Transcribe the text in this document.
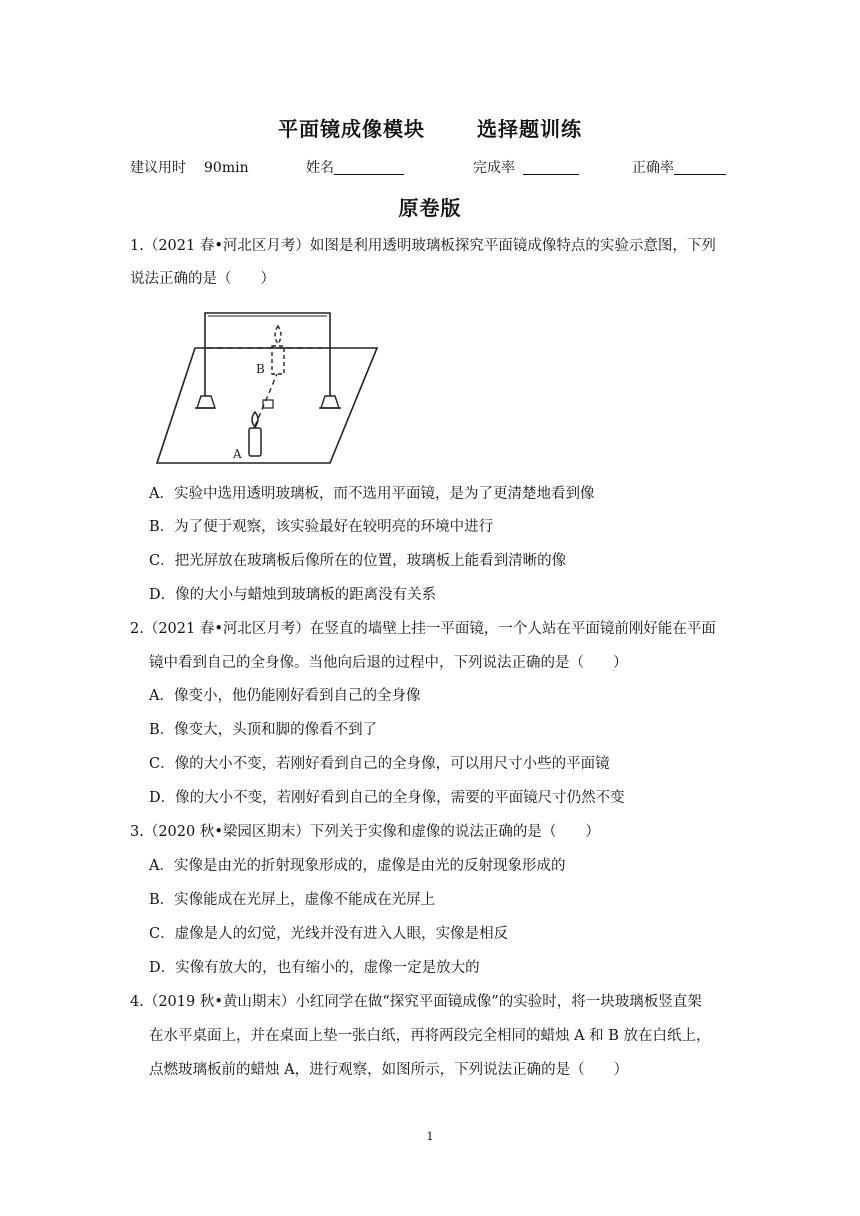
平面镜成像模块	选择题训练
建议用时 90min	姓名	完成率	正确率
原卷版
1.（2021 春•河北区月考）如图是利用透明玻璃板探究平面镜成像特点的实验示意图，下列
说法正确的是（　　）
B
A
A．实验中选用透明玻璃板，而不选用平面镜，是为了更清楚地看到像
B．为了便于观察，该实验最好在较明亮的环境中进行
C．把光屏放在玻璃板后像所在的位置，玻璃板上能看到清晰的像
D．像的大小与蜡烛到玻璃板的距离没有关系
2.（2021 春•河北区月考）在竖直的墙壁上挂一平面镜，一个人站在平面镜前刚好能在平面
镜中看到自己的全身像。当他向后退的过程中，下列说法正确的是（　　）
A．像变小，他仍能刚好看到自己的全身像
B．像变大，头顶和脚的像看不到了
C．像的大小不变，若刚好看到自己的全身像，可以用尺寸小些的平面镜
D．像的大小不变，若刚好看到自己的全身像，需要的平面镜尺寸仍然不变
3.（2020 秋•梁园区期末）下列关于实像和虚像的说法正确的是（　　）
A．实像是由光的折射现象形成的，虚像是由光的反射现象形成的
B．实像能成在光屏上，虚像不能成在光屏上
C．虚像是人的幻觉，光线并没有进入人眼，实像是相反
D．实像有放大的，也有缩小的，虚像一定是放大的
4.（2019 秋•黄山期末）小红同学在做“探究平面镜成像”的实验时，将一块玻璃板竖直架
在水平桌面上，并在桌面上垫一张白纸，再将两段完全相同的蜡烛 A 和 B 放在白纸上，
点燃玻璃板前的蜡烛 A，进行观察，如图所示，下列说法正确的是（　　）
1
